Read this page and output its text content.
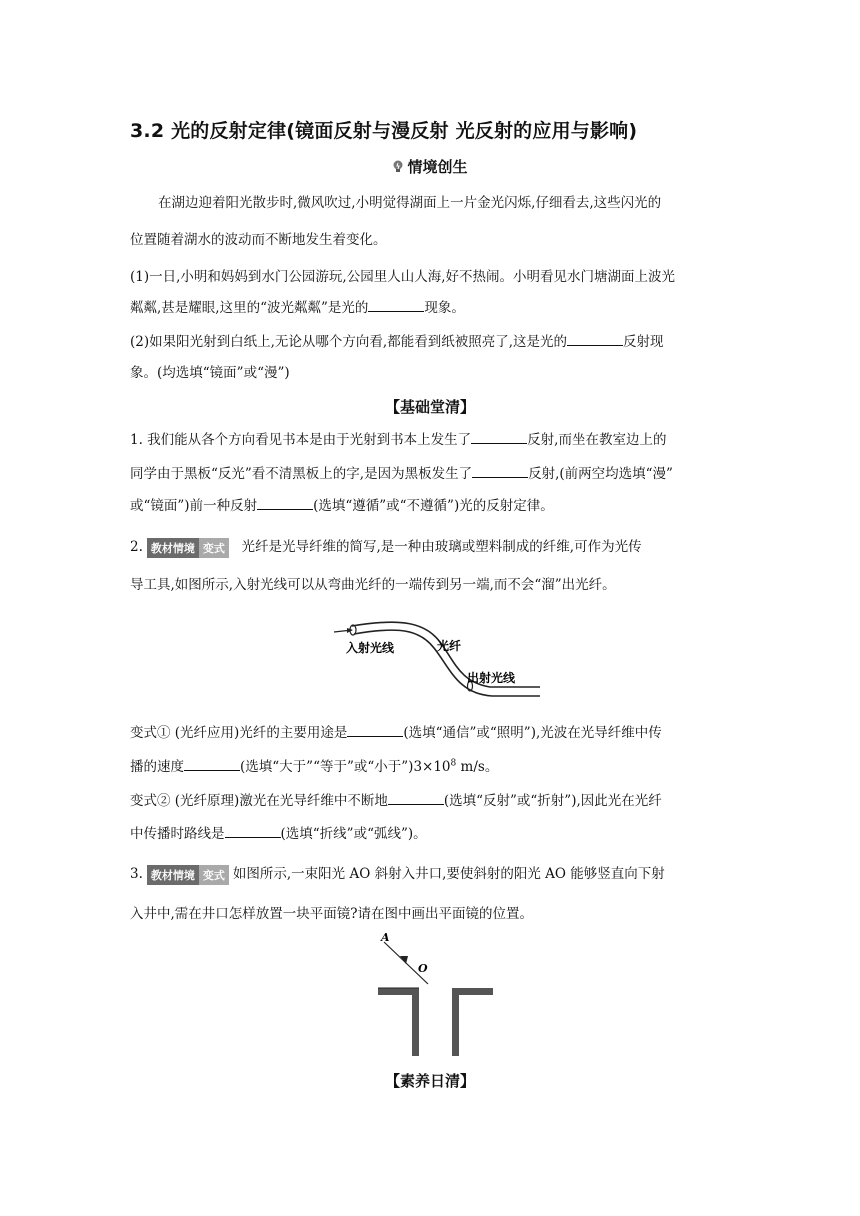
3.2 光的反射定律(镜面反射与漫反射 光反射的应用与影响)
情境创生
在湖边迎着阳光散步时,微风吹过,小明觉得湖面上一片金光闪烁,仔细看去,这些闪光的
位置随着湖水的波动而不断地发生着变化。
(1)一日,小明和妈妈到水门公园游玩,公园里人山人海,好不热闹。小明看见水门塘湖面上波光
粼粼,甚是耀眼,这里的“波光粼粼”是光的	现象。
(2)如果阳光射到白纸上,无论从哪个方向看,都能看到纸被照亮了,这是光的	反射现
象。(均选填“镜面”或“漫”)
【基础堂清】
1. 我们能从各个方向看见书本是由于光射到书本上发生了	反射,而坐在教室边上的
同学由于黑板“反光”看不清黑板上的字,是因为黑板发生了	反射,(前两空均选填“漫”
或“镜面”)前一种反射	(选填“遵循”或“不遵循”)光的反射定律。
2. 教材情境 变式 光纤是光导纤维的简写,是一种由玻璃或塑料制成的纤维,可作为光传
导工具,如图所示,入射光线可以从弯曲光纤的一端传到另一端,而不会“溜”出光纤。
入射光线	光纤
出射光线
变式① (光纤应用)光纤的主要用途是	(选填“通信”或“照明”),光波在光导纤维中传
播的速度	(选填“大于”“等于”或“小于$”)3\times 10^8$ m/s。
变式② (光纤原理)激光在光导纤维中不断地	(选填“反射”或“折射”),因此光在光纤
中传播时路线是	(选填“折线”或“弧线”)。
3. 教材情境 变式 如图所示,一束阳光 AO 斜射入井口,要使斜射的阳光 AO 能够竖直向下射
入井中,需在井口怎样放置一块平面镜?请在图中画出平面镜的位置。
A
O
【素养日清】
